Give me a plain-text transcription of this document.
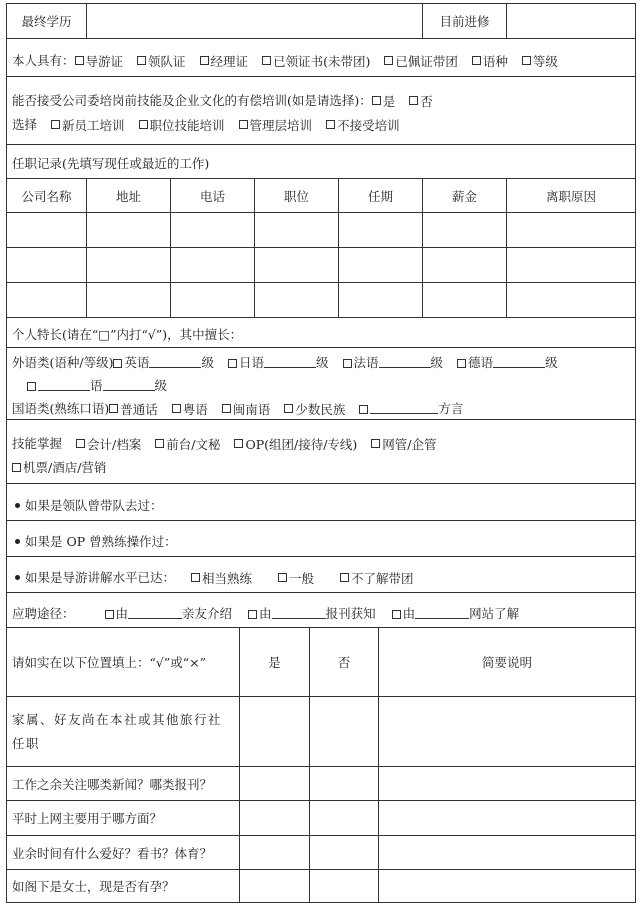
最终学历	目前进修
本人具有： 导游证 领队证 经理证 已领证书(未带团) 已佩证带团 语种 等级
能否接受公司委培岗前技能及企业文化的有偿培训(如是请选择)： 是 否
选择 新员工培训 职位技能培训 管理层培训 不接受培训
任职记录(先填写现任或最近的工作)
公司名称	地址	电话	职位	任期	薪金	离职原因
个人特长(请在“□”内打“√”)，其中擅长：
外语类(语种/等级) 英语	级 日语	级 法语	级 德语	级
语	级
国语类(熟练口语) 普通话 粤语 闽南语 少数民族	方言
技能掌握 会计/档案 前台/文秘 OP(组团/接待/专线) 网管/企管
机票/酒店/营销
如果是领队曾带队去过：
如果是 OP 曾熟练操作过：
如果是导游讲解水平已达： 相当熟练	一般	不了解带团
应聘途径：	由	亲友介绍 由	报刊获知 由	网站了解
请如实在以下位置填上：“√”或“×”	是	否	简要说明
家属、好友尚在本社或其他旅行社任职
工作之余关注哪类新闻？哪类报刊？
平时上网主要用于哪方面？
业余时间有什么爱好？看书？体育？
如阁下是女士，现是否有孕？
